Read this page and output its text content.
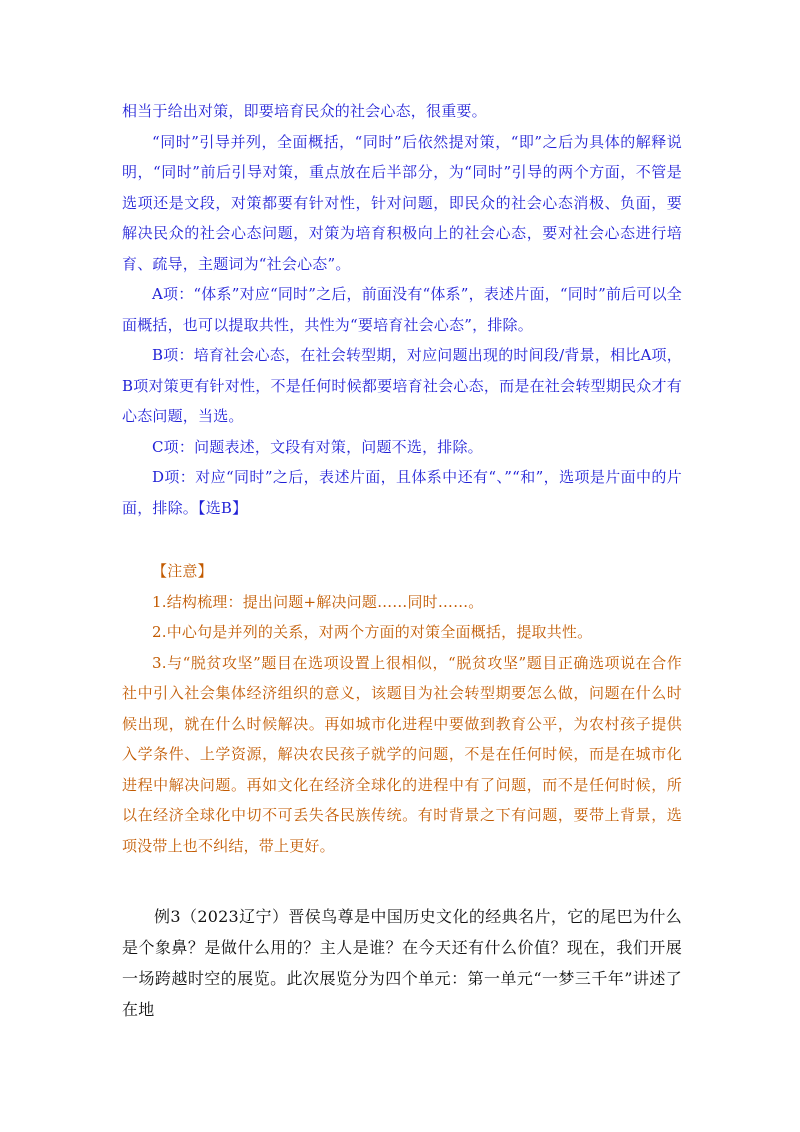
相当于给出对策，即要培育民众的社会心态，很重要。

“同时”引导并列，全面概括，“同时”后依然提对策，“即”之后为具体的解释说明，“同时”前后引导对策，重点放在后半部分，为“同时”引导的两个方面，不管是选项还是文段，对策都要有针对性，针对问题，即民众的社会心态消极、负面，要解决民众的社会心态问题，对策为培育积极向上的社会心态，要对社会心态进行培育、疏导，主题词为“社会心态”。

A项：“体系”对应“同时”之后，前面没有“体系”，表述片面，“同时”前后可以全面概括，也可以提取共性，共性为“要培育社会心态”，排除。

B项：培育社会心态，在社会转型期，对应问题出现的时间段/背景，相比A项，B项对策更有针对性，不是任何时候都要培育社会心态，而是在社会转型期民众才有心态问题，当选。

C项：问题表述，文段有对策，问题不选，排除。

D项：对应“同时”之后，表述片面，且体系中还有“、”“和”，选项是片面中的片面，排除。【选B】

【注意】

1.结构梳理：提出问题+解决问题……同时……。

2.中心句是并列的关系，对两个方面的对策全面概括，提取共性。

3.与“脱贫攻坚”题目在选项设置上很相似，“脱贫攻坚”题目正确选项说在合作社中引入社会集体经济组织的意义，该题目为社会转型期要怎么做，问题在什么时候出现，就在什么时候解决。再如城市化进程中要做到教育公平，为农村孩子提供入学条件、上学资源，解决农民孩子就学的问题，不是在任何时候，而是在城市化进程中解决问题。再如文化在经济全球化的进程中有了问题，而不是任何时候，所以在经济全球化中切不可丢失各民族传统。有时背景之下有问题，要带上背景，选项没带上也不纠结，带上更好。

例3（2023辽宁）晋侯鸟尊是中国历史文化的经典名片，它的尾巴为什么是个象鼻？是做什么用的？主人是谁？在今天还有什么价值？现在，我们开展一场跨越时空的展览。此次展览分为四个单元：第一单元“一梦三千年”讲述了在地
